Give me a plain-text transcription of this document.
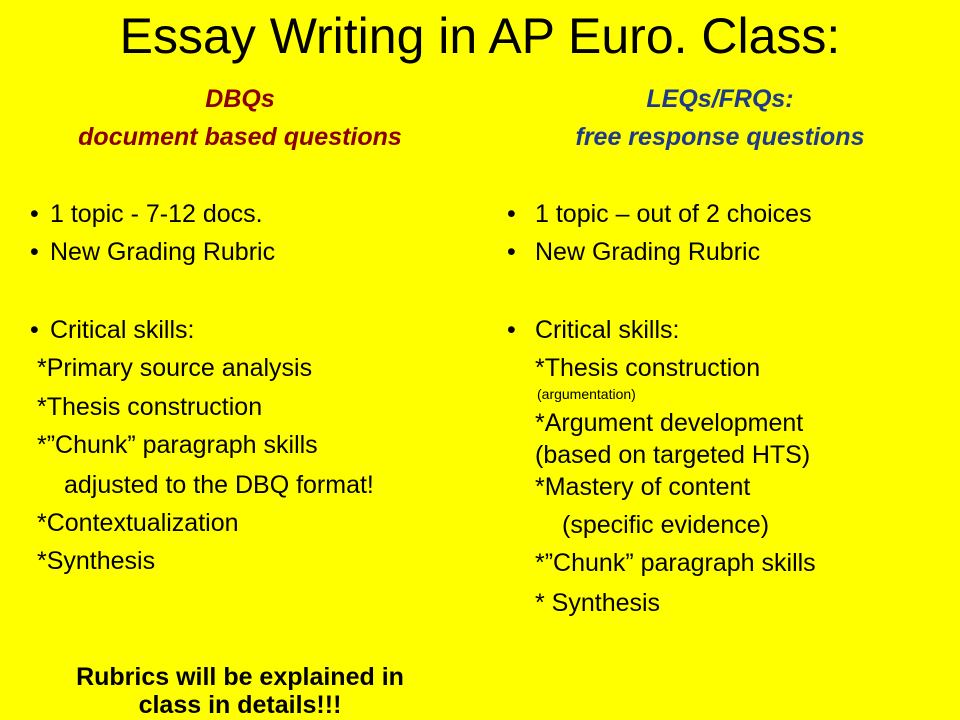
Essay Writing in AP Euro. Class:
DBQs
document based questions
• 1 topic - 7-12 docs.
• New Grading Rubric
• Critical skills:
*Primary source analysis
*Thesis construction
*”Chunk” paragraph skills
adjusted to the DBQ format!
*Contextualization
*Synthesis
Rubrics will be explained in
class in details!!!
LEQs/FRQs:
free response questions
• 1 topic – out of 2 choices
• New Grading Rubric
• Critical skills:
*Thesis construction
(argumentation)
*Argument development
(based on targeted HTS)
*Mastery of content
(specific evidence)
*”Chunk” paragraph skills
* Synthesis
